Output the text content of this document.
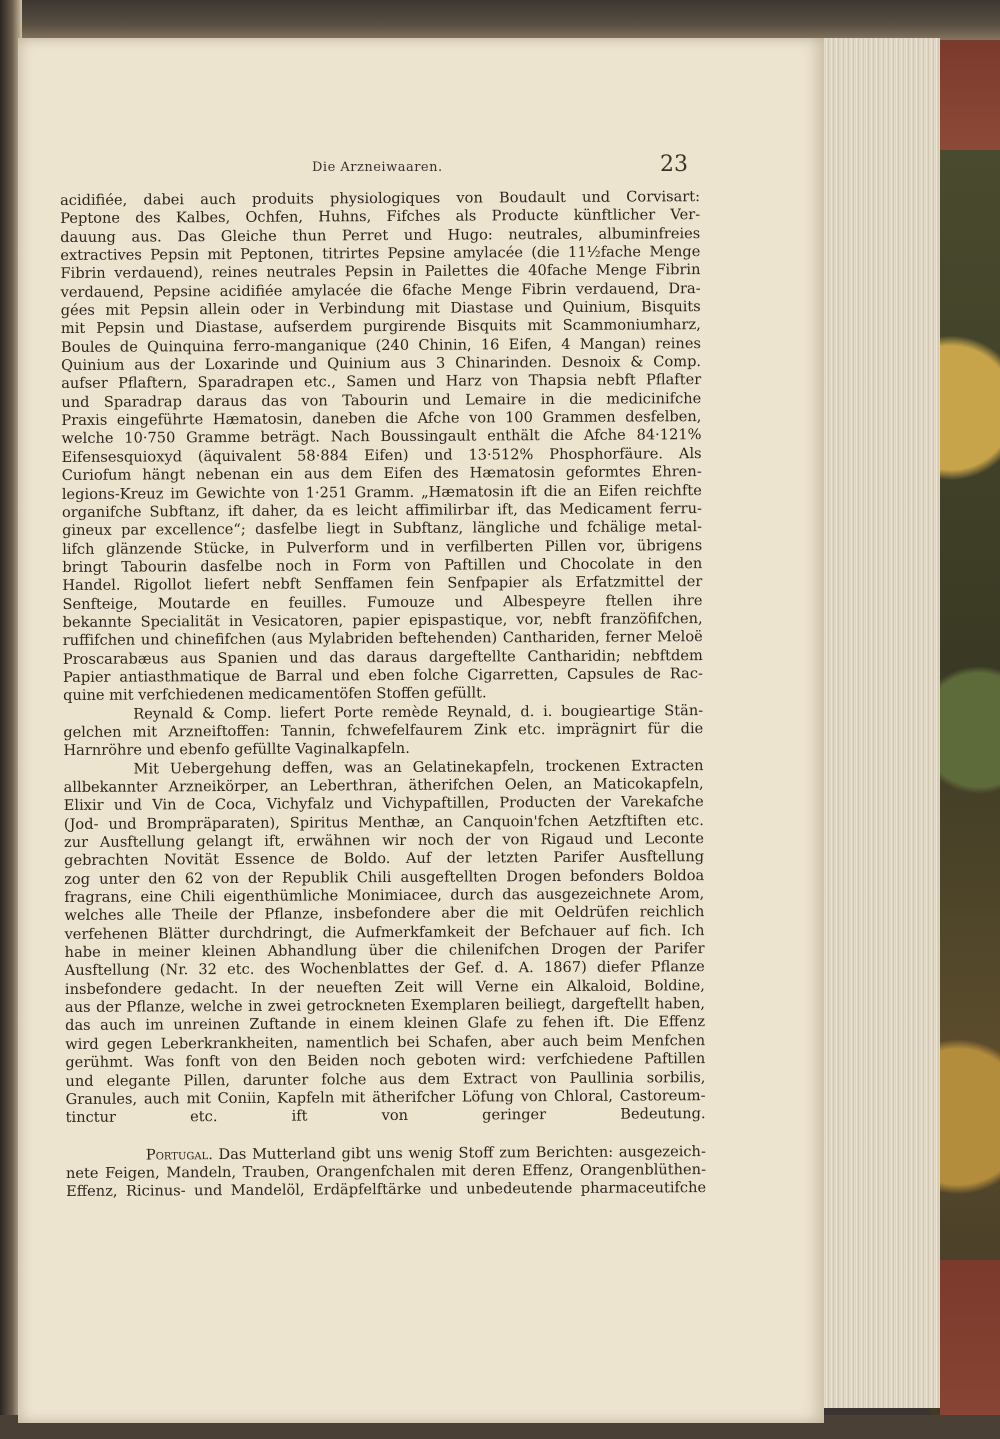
Die Arzneiwaaren.	23
acidifiée, dabei auch produits physiologiques von Boudault und Corvisart:
Peptone des Kalbes, Ochfen, Huhns, Fifches als Producte künftlicher Ver-
dauung aus. Das Gleiche thun Perret und Hugo: neutrales, albuminfreies
extractives Pepsin mit Peptonen, titrirtes Pepsine amylacée (die 11½fache Menge
Fibrin verdauend), reines neutrales Pepsin in Pailettes die 40fache Menge Fibrin
verdauend, Pepsine acidifiée amylacée die 6fache Menge Fibrin verdauend, Dra-
gées mit Pepsin allein oder in Verbindung mit Diastase und Quinium, Bisquits
mit Pepsin und Diastase, aufserdem purgirende Bisquits mit Scammoniumharz,
Boules de Quinquina ferro-manganique (240 Chinin, 16 Eifen, 4 Mangan) reines
Quinium aus der Loxarinde und Quinium aus 3 Chinarinden. Desnoix & Comp.
aufser Pflaftern, Sparadrapen etc., Samen und Harz von Thapsia nebft Pflafter
und Sparadrap daraus das von Tabourin und Lemaire in die medicinifche
Praxis eingeführte Hæmatosin, daneben die Afche von 100 Grammen desfelben,
welche 10·750 Gramme beträgt. Nach Boussingault enthält die Afche 84·121%
Eifensesquioxyd (äquivalent 58·884 Eifen) und 13·512% Phosphorfäure. Als
Curiofum hängt nebenan ein aus dem Eifen des Hæmatosin geformtes Ehren-
legions-Kreuz im Gewichte von 1·251 Gramm. „Hæmatosin ift die an Eifen reichfte
organifche Subftanz, ift daher, da es leicht affimilirbar ift, das Medicament ferru-
gineux par excellence“; dasfelbe liegt in Subftanz, längliche und fchälige metal-
lifch glänzende Stücke, in Pulverform und in verfilberten Pillen vor, übrigens
bringt Tabourin dasfelbe noch in Form von Paftillen und Chocolate in den
Handel. Rigollot liefert nebft Senffamen fein Senfpapier als Erfatzmittel der
Senfteige, Moutarde en feuilles. Fumouze und Albespeyre ftellen ihre
bekannte Specialität in Vesicatoren, papier epispastique, vor, nebft franzöfifchen,
ruffifchen und chinefifchen (aus Mylabriden beftehenden) Canthariden, ferner Meloë
Proscarabæus aus Spanien und das daraus dargeftellte Cantharidin; nebftdem
Papier antiasthmatique de Barral und eben folche Cigarretten, Capsules de Rac-
quine mit verfchiedenen medicamentöfen Stoffen gefüllt.
Reynald & Comp. liefert Porte remède Reynald, d. i. bougieartige Stän-
gelchen mit Arzneiftoffen: Tannin, fchwefelfaurem Zink etc. imprägnirt für die
Harnröhre und ebenfo gefüllte Vaginalkapfeln.
Mit Uebergehung deffen, was an Gelatinekapfeln, trockenen Extracten
allbekannter Arzneikörper, an Leberthran, ätherifchen Oelen, an Maticokapfeln,
Elixir und Vin de Coca, Vichyfalz und Vichypaftillen, Producten der Varekafche
(Jod- und Brompräparaten), Spiritus Menthæ, an Canquoin'fchen Aetzftiften etc.
zur Ausftellung gelangt ift, erwähnen wir noch der von Rigaud und Leconte
gebrachten Novität Essence de Boldo. Auf der letzten Parifer Ausftellung
zog unter den 62 von der Republik Chili ausgeftellten Drogen befonders Boldoa
fragrans, eine Chili eigenthümliche Monimiacee, durch das ausgezeichnete Arom,
welches alle Theile der Pflanze, insbefondere aber die mit Oeldrüfen reichlich
verfehenen Blätter durchdringt, die Aufmerkfamkeit der Befchauer auf fich. Ich
habe in meiner kleinen Abhandlung über die chilenifchen Drogen der Parifer
Ausftellung (Nr. 32 etc. des Wochenblattes der Gef. d. A. 1867) diefer Pflanze
insbefondere gedacht. In der neueften Zeit will Verne ein Alkaloid, Boldine,
aus der Pflanze, welche in zwei getrockneten Exemplaren beiliegt, dargeftellt haben,
das auch im unreinen Zuftande in einem kleinen Glafe zu fehen ift. Die Effenz
wird gegen Leberkrankheiten, namentlich bei Schafen, aber auch beim Menfchen
gerühmt. Was fonft von den Beiden noch geboten wird: verfchiedene Paftillen
und elegante Pillen, darunter folche aus dem Extract von Paullinia sorbilis,
Granules, auch mit Coniin, Kapfeln mit ätherifcher Löfung von Chloral, Castoreum-
tinctur etc. ift von geringer Bedeutung.
Portugal. Das Mutterland gibt uns wenig Stoff zum Berichten: ausgezeich-
nete Feigen, Mandeln, Trauben, Orangenfchalen mit deren Effenz, Orangenblüthen-
Effenz, Ricinus- und Mandelöl, Erdäpfelftärke und unbedeutende pharmaceutifche
